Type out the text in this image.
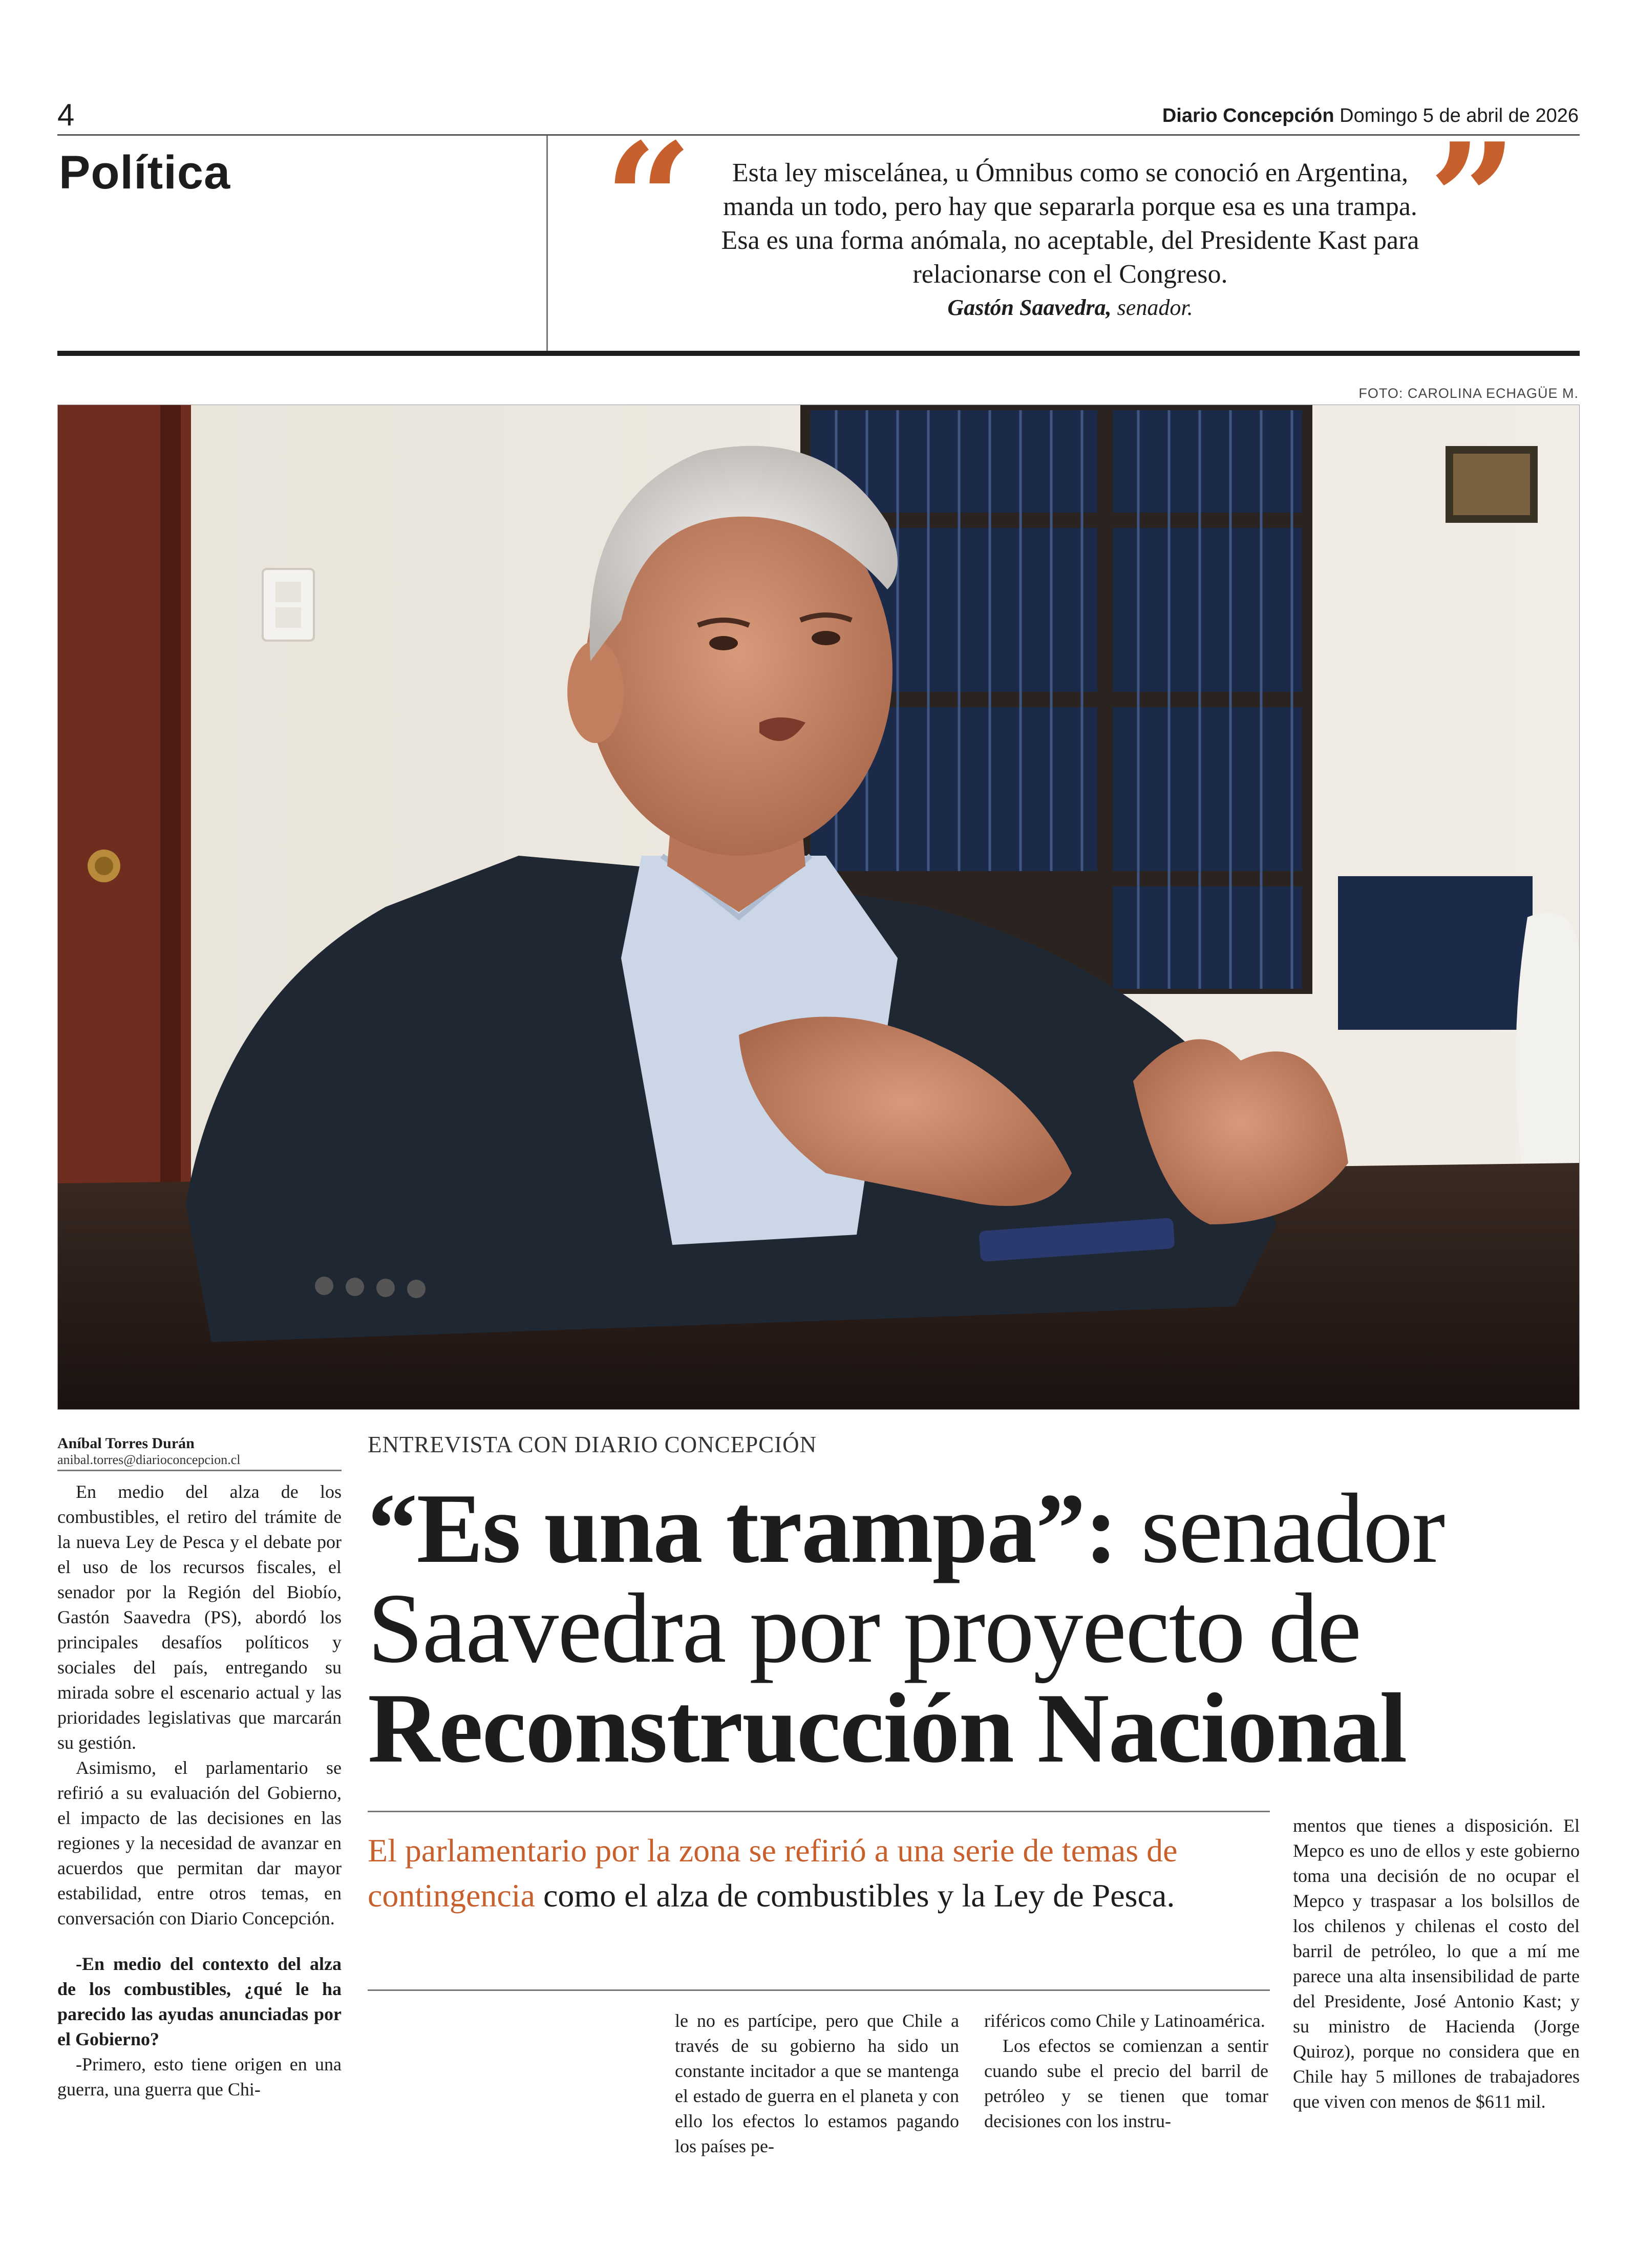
4	Diario Concepción Domingo 5 de abril de 2026
Política “	”
Esta ley miscelánea, u Ómnibus como se conoció en Argentina, manda un todo, pero hay que separarla porque esa es una trampa. Esa es una forma anómala, no aceptable, del Presidente Kast para relacionarse con el Congreso.
Gastón Saavedra, senador.
FOTO: CAROLINA ECHAGÜE M.
Aníbal Torres Durán
anibal.torres@diarioconcepcion.cl
ENTREVISTA CON DIARIO CONCEPCIÓN
“Es una trampa”: senador
Saavedra por proyecto de
Reconstrucción Nacional
El parlamentario por la zona se refirió a una serie de temas de contingencia como el alza de combustibles y la Ley de Pesca.

En medio del alza de los combustibles, el retiro del trámite de la nueva Ley de Pesca y el debate por el uso de los recursos fiscales, el senador por la Región del Biobío, Gastón Saavedra (PS), abordó los principales desafíos políticos y sociales del país, entregando su mirada sobre el escenario actual y las prioridades legislativas que marcarán su gestión.

Asimismo, el parlamentario se refirió a su evaluación del Gobierno, el impacto de las decisiones en las regiones y la necesidad de avanzar en acuerdos que permitan dar mayor estabilidad, entre otros temas, en conversación con Diario Concepción.

-En medio del contexto del alza de los combustibles, ¿qué le ha parecido las ayudas anunciadas por el Gobierno?

-Primero, esto tiene origen en una guerra, una guerra que Chi-

le no es partícipe, pero que Chile a través de su gobierno ha sido un constante incitador a que se mantenga el estado de guerra en el planeta y con ello los efectos lo estamos pagando los países pe-

riféricos como Chile y Latinoamérica.

Los efectos se comienzan a sentir cuando sube el precio del barril de petróleo y se tienen que tomar decisiones con los instru-

mentos que tienes a disposición. El Mepco es uno de ellos y este gobierno toma una decisión de no ocupar el Mepco y traspasar a los bolsillos de los chilenos y chilenas el costo del barril de petróleo, lo que a mí me parece una alta insensibilidad de parte del Presidente, José Antonio Kast; y su ministro de Hacienda (Jorge Quiroz), porque no considera que en Chile hay 5 millones de trabajadores que viven con menos de $611 mil.
